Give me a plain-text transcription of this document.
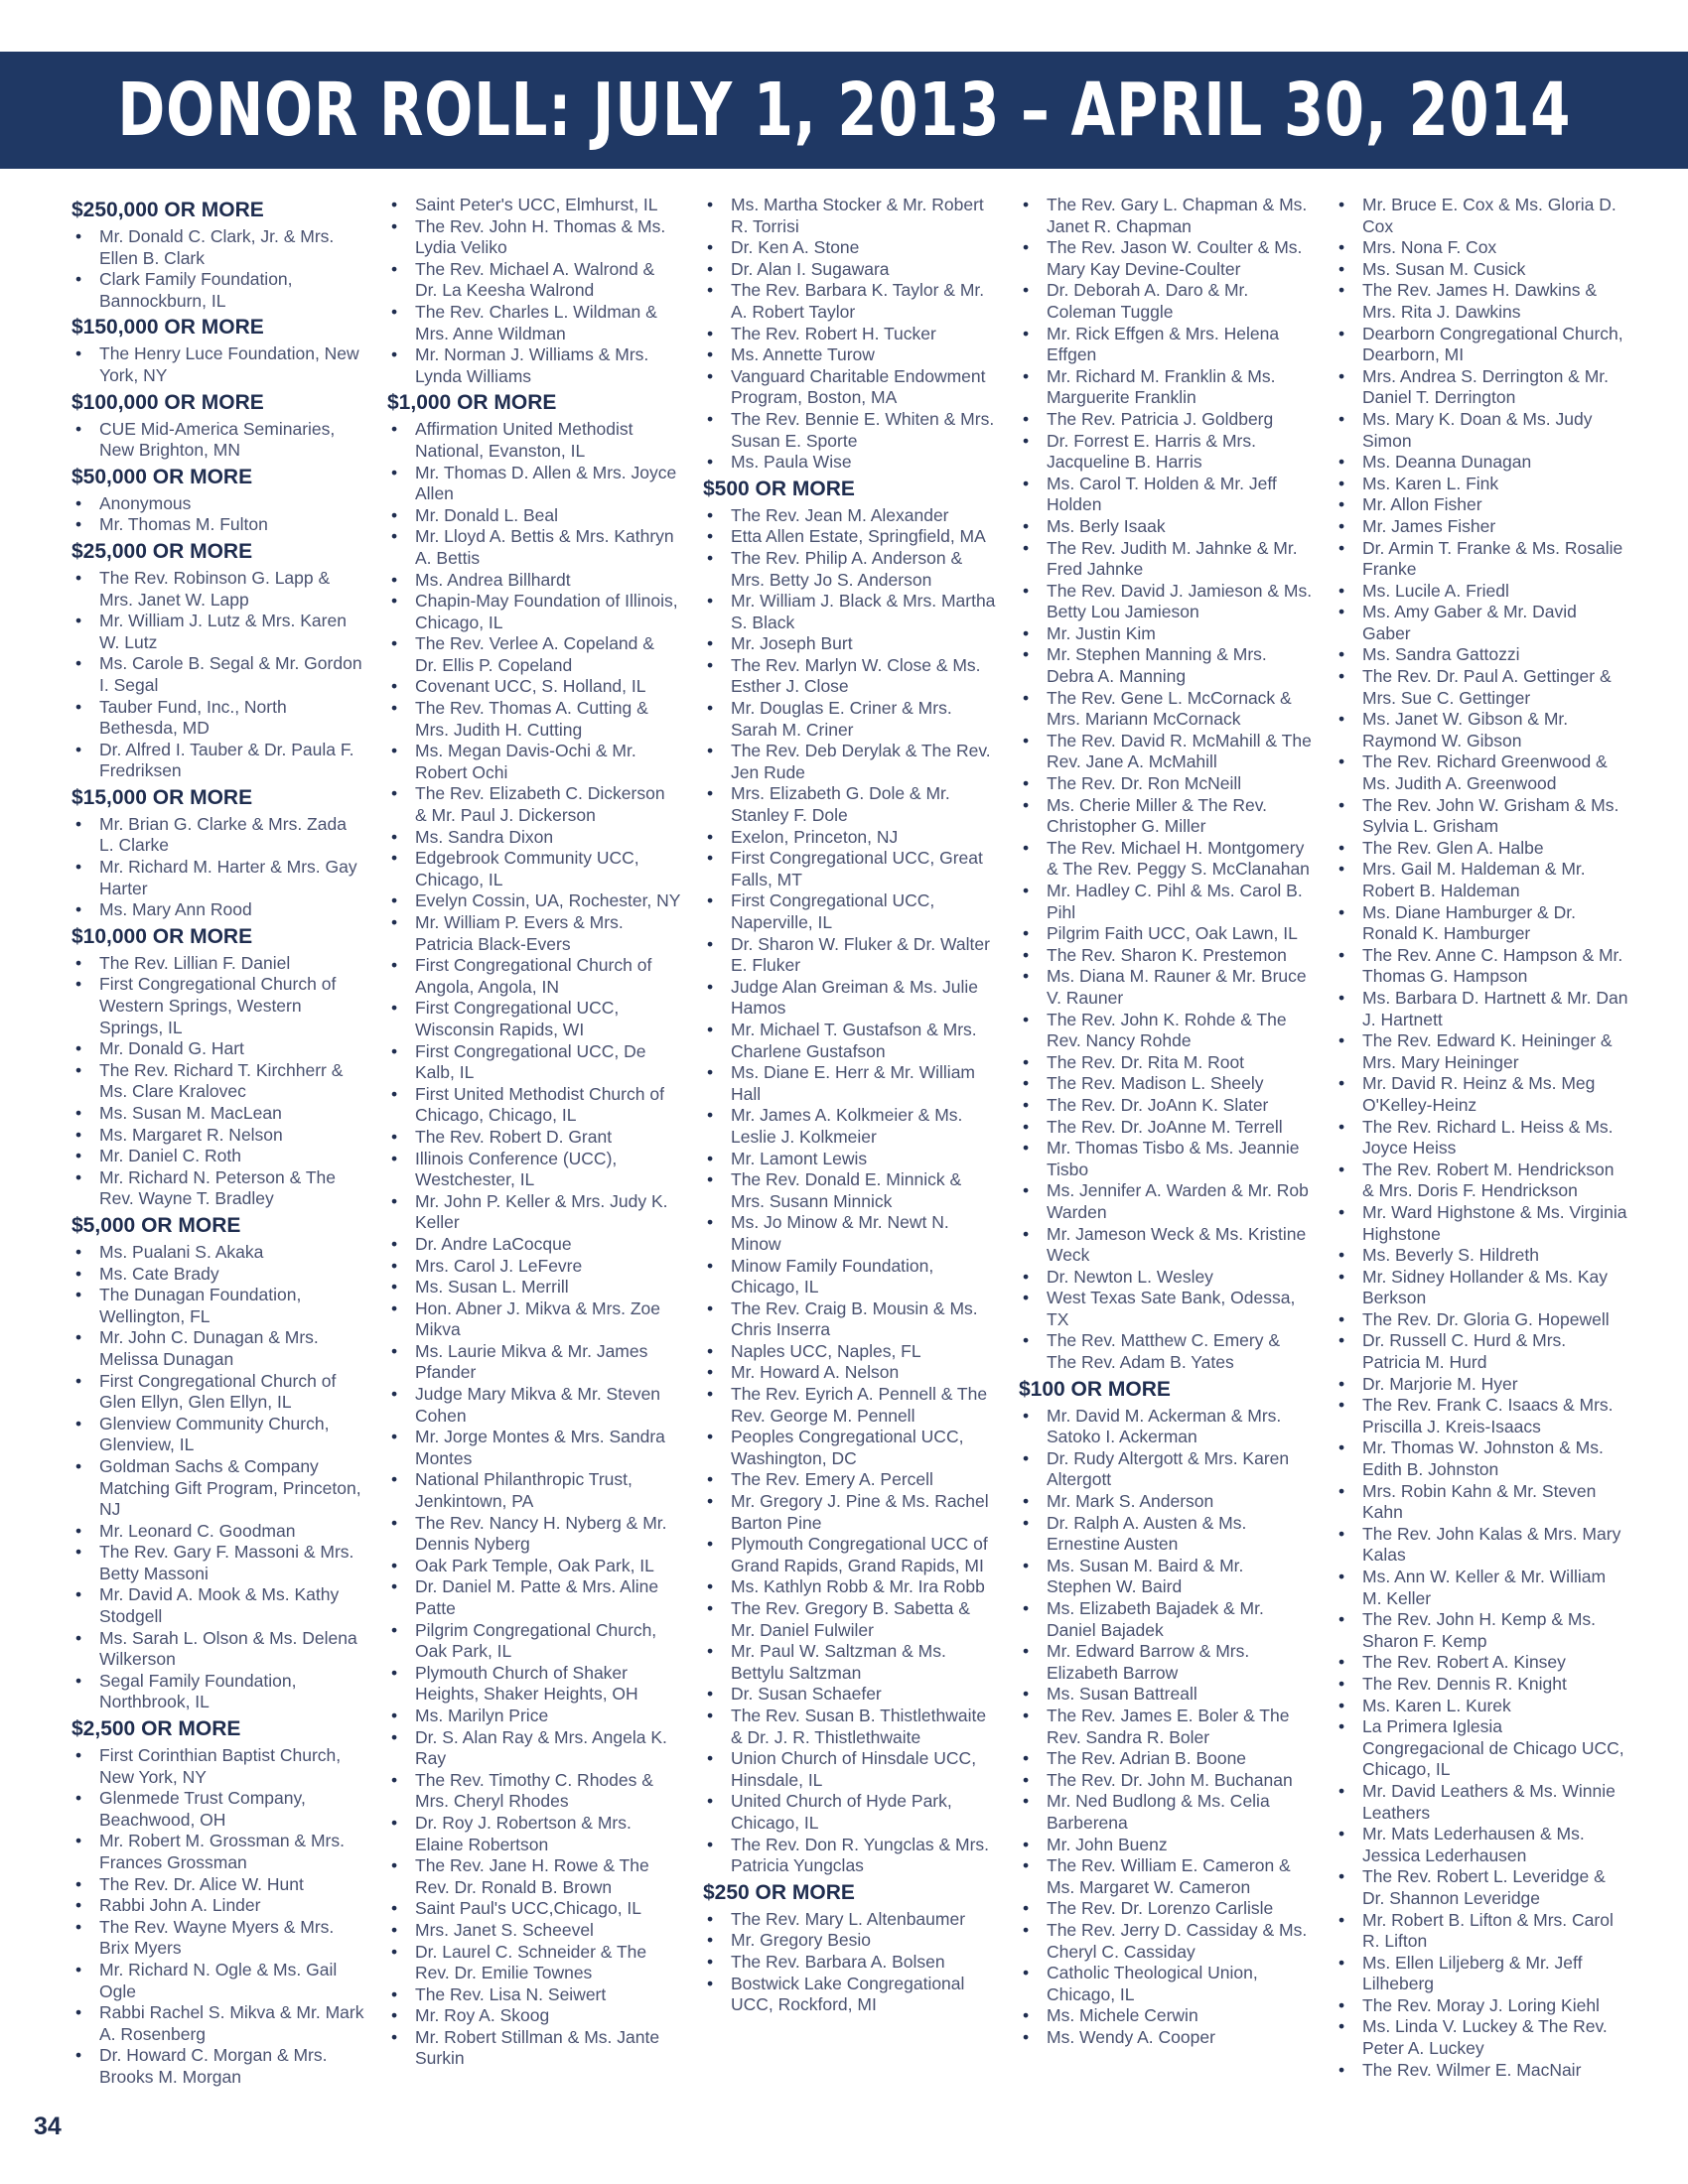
DONOR ROLL: JULY 1, 2013 – APRIL 30, 2014
$250,000 OR MORE
• Mr. Donald C. Clark, Jr. & Mrs. Ellen B. Clark
• Clark Family Foundation, Bannockburn, IL
$150,000 OR MORE
• The Henry Luce Foundation, New York, NY
$100,000 OR MORE
• CUE Mid-America Seminaries, New Brighton, MN
$50,000 OR MORE
• Anonymous
• Mr. Thomas M. Fulton
$25,000 OR MORE
• The Rev. Robinson G. Lapp & Mrs. Janet W. Lapp
• Mr. William J. Lutz & Mrs. Karen W. Lutz
• Ms. Carole B. Segal & Mr. Gordon I. Segal
• Tauber Fund, Inc., North Bethesda, MD
• Dr. Alfred I. Tauber & Dr. Paula F. Fredriksen
$15,000 OR MORE
• Mr. Brian G. Clarke & Mrs. Zada L. Clarke
• Mr. Richard M. Harter & Mrs. Gay Harter
• Ms. Mary Ann Rood
$10,000 OR MORE
• The Rev. Lillian F. Daniel
• First Congregational Church of Western Springs, Western Springs, IL
• Mr. Donald G. Hart
• The Rev. Richard T. Kirchherr & Ms. Clare Kralovec
• Ms. Susan M. MacLean
• Ms. Margaret R. Nelson
• Mr. Daniel C. Roth
• Mr. Richard N. Peterson & The Rev. Wayne T. Bradley
$5,000 OR MORE
• Ms. Pualani S. Akaka
• Ms. Cate Brady
• The Dunagan Foundation, Wellington, FL
• Mr. John C. Dunagan & Mrs. Melissa Dunagan
• First Congregational Church of Glen Ellyn, Glen Ellyn, IL
• Glenview Community Church, Glenview, IL
• Goldman Sachs & Company Matching Gift Program, Princeton, NJ
• Mr. Leonard C. Goodman
• The Rev. Gary F. Massoni & Mrs. Betty Massoni
• Mr. David A. Mook & Ms. Kathy Stodgell
• Ms. Sarah L. Olson & Ms. Delena Wilkerson
• Segal Family Foundation, Northbrook, IL
$2,500 OR MORE
• First Corinthian Baptist Church, New York, NY
• Glenmede Trust Company, Beachwood, OH
• Mr. Robert M. Grossman & Mrs. Frances Grossman
• The Rev. Dr. Alice W. Hunt
• Rabbi John A. Linder
• The Rev. Wayne Myers & Mrs. Brix Myers
• Mr. Richard N. Ogle & Ms. Gail Ogle
• Rabbi Rachel S. Mikva & Mr. Mark A. Rosenberg
• Dr. Howard C. Morgan & Mrs. Brooks M. Morgan
• Saint Peter's UCC, Elmhurst, IL
• The Rev. John H. Thomas & Ms. Lydia Veliko
• The Rev. Michael A. Walrond & Dr. La Keesha Walrond
• The Rev. Charles L. Wildman & Mrs. Anne Wildman
• Mr. Norman J. Williams & Mrs. Lynda Williams
$1,000 OR MORE
• Affirmation United Methodist National, Evanston, IL
• Mr. Thomas D. Allen & Mrs. Joyce Allen
• Mr. Donald L. Beal
• Mr. Lloyd A. Bettis & Mrs. Kathryn A. Bettis
• Ms. Andrea Billhardt
• Chapin-May Foundation of Illinois, Chicago, IL
• The Rev. Verlee A. Copeland & Dr. Ellis P. Copeland
• Covenant UCC, S. Holland, IL
• The Rev. Thomas A. Cutting & Mrs. Judith H. Cutting
• Ms. Megan Davis-Ochi & Mr. Robert Ochi
• The Rev. Elizabeth C. Dickerson & Mr. Paul J. Dickerson
• Ms. Sandra Dixon
• Edgebrook Community UCC, Chicago, IL
• Evelyn Cossin, UA, Rochester, NY
• Mr. William P. Evers & Mrs. Patricia Black-Evers
• First Congregational Church of Angola, Angola, IN
• First Congregational UCC, Wisconsin Rapids, WI
• First Congregational UCC, De Kalb, IL
• First United Methodist Church of Chicago, Chicago, IL
• The Rev. Robert D. Grant
• Illinois Conference (UCC), Westchester, IL
• Mr. John P. Keller & Mrs. Judy K. Keller
• Dr. Andre LaCocque
• Mrs. Carol J. LeFevre
• Ms. Susan L. Merrill
• Hon. Abner J. Mikva & Mrs. Zoe Mikva
• Ms. Laurie Mikva & Mr. James Pfander
• Judge Mary Mikva & Mr. Steven Cohen
• Mr. Jorge Montes & Mrs. Sandra Montes
• National Philanthropic Trust, Jenkintown, PA
• The Rev. Nancy H. Nyberg & Mr. Dennis Nyberg
• Oak Park Temple, Oak Park, IL
• Dr. Daniel M. Patte & Mrs. Aline Patte
• Pilgrim Congregational Church, Oak Park, IL
• Plymouth Church of Shaker Heights, Shaker Heights, OH
• Ms. Marilyn Price
• Dr. S. Alan Ray & Mrs. Angela K. Ray
• The Rev. Timothy C. Rhodes & Mrs. Cheryl Rhodes
• Dr. Roy J. Robertson & Mrs. Elaine Robertson
• The Rev. Jane H. Rowe & The Rev. Dr. Ronald B. Brown
• Saint Paul's UCC,Chicago, IL
• Mrs. Janet S. Scheevel
• Dr. Laurel C. Schneider & The Rev. Dr. Emilie Townes
• The Rev. Lisa N. Seiwert
• Mr. Roy A. Skoog
• Mr. Robert Stillman & Ms. Jante Surkin
• Ms. Martha Stocker & Mr. Robert R. Torrisi
• Dr. Ken A. Stone
• Dr. Alan I. Sugawara
• The Rev. Barbara K. Taylor & Mr. A. Robert Taylor
• The Rev. Robert H. Tucker
• Ms. Annette Turow
• Vanguard Charitable Endowment Program, Boston, MA
• The Rev. Bennie E. Whiten & Mrs. Susan E. Sporte
• Ms. Paula Wise
$500 OR MORE
• The Rev. Jean M. Alexander
• Etta Allen Estate, Springfield, MA
• The Rev. Philip A. Anderson & Mrs. Betty Jo S. Anderson
• Mr. William J. Black & Mrs. Martha S. Black
• Mr. Joseph Burt
• The Rev. Marlyn W. Close & Ms. Esther J. Close
• Mr. Douglas E. Criner & Mrs. Sarah M. Criner
• The Rev. Deb Derylak & The Rev. Jen Rude
• Mrs. Elizabeth G. Dole & Mr. Stanley F. Dole
• Exelon, Princeton, NJ
• First Congregational UCC, Great Falls, MT
• First Congregational UCC, Naperville, IL
• Dr. Sharon W. Fluker & Dr. Walter E. Fluker
• Judge Alan Greiman & Ms. Julie Hamos
• Mr. Michael T. Gustafson & Mrs. Charlene Gustafson
• Ms. Diane E. Herr & Mr. William Hall
• Mr. James A. Kolkmeier & Ms. Leslie J. Kolkmeier
• Mr. Lamont Lewis
• The Rev. Donald E. Minnick & Mrs. Susann Minnick
• Ms. Jo Minow & Mr. Newt N. Minow
• Minow Family Foundation, Chicago, IL
• The Rev. Craig B. Mousin & Ms. Chris Inserra
• Naples UCC, Naples, FL
• Mr. Howard A. Nelson
• The Rev. Eyrich A. Pennell & The Rev. George M. Pennell
• Peoples Congregational UCC, Washington, DC
• The Rev. Emery A. Percell
• Mr. Gregory J. Pine & Ms. Rachel Barton Pine
• Plymouth Congregational UCC of Grand Rapids, Grand Rapids, MI
• Ms. Kathlyn Robb & Mr. Ira Robb
• The Rev. Gregory B. Sabetta & Mr. Daniel Fulwiler
• Mr. Paul W. Saltzman & Ms. Bettylu Saltzman
• Dr. Susan Schaefer
• The Rev. Susan B. Thistlethwaite & Dr. J. R. Thistlethwaite
• Union Church of Hinsdale UCC, Hinsdale, IL
• United Church of Hyde Park, Chicago, IL
• The Rev. Don R. Yungclas & Mrs. Patricia Yungclas
$250 OR MORE
• The Rev. Mary L. Altenbaumer
• Mr. Gregory Besio
• The Rev. Barbara A. Bolsen
• Bostwick Lake Congregational UCC, Rockford, MI
• The Rev. Gary L. Chapman & Ms. Janet R. Chapman
• The Rev. Jason W. Coulter & Ms. Mary Kay Devine-Coulter
• Dr. Deborah A. Daro & Mr. Coleman Tuggle
• Mr. Rick Effgen & Mrs. Helena Effgen
• Mr. Richard M. Franklin & Ms. Marguerite Franklin
• The Rev. Patricia J. Goldberg
• Dr. Forrest E. Harris & Mrs. Jacqueline B. Harris
• Ms. Carol T. Holden & Mr. Jeff Holden
• Ms. Berly Isaak
• The Rev. Judith M. Jahnke & Mr. Fred Jahnke
• The Rev. David J. Jamieson & Ms. Betty Lou Jamieson
• Mr. Justin Kim
• Mr. Stephen Manning & Mrs. Debra A. Manning
• The Rev. Gene L. McCornack & Mrs. Mariann McCornack
• The Rev. David R. McMahill & The Rev. Jane A. McMahill
• The Rev. Dr. Ron McNeill
• Ms. Cherie Miller & The Rev. Christopher G. Miller
• The Rev. Michael H. Montgomery & The Rev. Peggy S. McClanahan
• Mr. Hadley C. Pihl & Ms. Carol B. Pihl
• Pilgrim Faith UCC, Oak Lawn, IL
• The Rev. Sharon K. Prestemon
• Ms. Diana M. Rauner & Mr. Bruce V. Rauner
• The Rev. John K. Rohde & The Rev. Nancy Rohde
• The Rev. Dr. Rita M. Root
• The Rev. Madison L. Sheely
• The Rev. Dr. JoAnn K. Slater
• The Rev. Dr. JoAnne M. Terrell
• Mr. Thomas Tisbo & Ms. Jeannie Tisbo
• Ms. Jennifer A. Warden & Mr. Rob Warden
• Mr. Jameson Weck & Ms. Kristine Weck
• Dr. Newton L. Wesley
• West Texas Sate Bank, Odessa, TX
• The Rev. Matthew C. Emery & The Rev. Adam B. Yates
$100 OR MORE
• Mr. David M. Ackerman & Mrs. Satoko I. Ackerman
• Dr. Rudy Altergott & Mrs. Karen Altergott
• Mr. Mark S. Anderson
• Dr. Ralph A. Austen & Ms. Ernestine Austen
• Ms. Susan M. Baird & Mr. Stephen W. Baird
• Ms. Elizabeth Bajadek & Mr. Daniel Bajadek
• Mr. Edward Barrow & Mrs. Elizabeth Barrow
• Ms. Susan Battreall
• The Rev. James E. Boler & The Rev. Sandra R. Boler
• The Rev. Adrian B. Boone
• The Rev. Dr. John M. Buchanan
• Mr. Ned Budlong & Ms. Celia Barberena
• Mr. John Buenz
• The Rev. William E. Cameron & Ms. Margaret W. Cameron
• The Rev. Dr. Lorenzo Carlisle
• The Rev. Jerry D. Cassiday & Ms. Cheryl C. Cassiday
• Catholic Theological Union, Chicago, IL
• Ms. Michele Cerwin
• Ms. Wendy A. Cooper
• Mr. Bruce E. Cox & Ms. Gloria D. Cox
• Mrs. Nona F. Cox
• Ms. Susan M. Cusick
• The Rev. James H. Dawkins & Mrs. Rita J. Dawkins
• Dearborn Congregational Church, Dearborn, MI
• Mrs. Andrea S. Derrington & Mr. Daniel T. Derrington
• Ms. Mary K. Doan & Ms. Judy Simon
• Ms. Deanna Dunagan
• Ms. Karen L. Fink
• Mr. Allon Fisher
• Mr. James Fisher
• Dr. Armin T. Franke & Ms. Rosalie Franke
• Ms. Lucile A. Friedl
• Ms. Amy Gaber & Mr. David Gaber
• Ms. Sandra Gattozzi
• The Rev. Dr. Paul A. Gettinger & Mrs. Sue C. Gettinger
• Ms. Janet W. Gibson & Mr. Raymond W. Gibson
• The Rev. Richard Greenwood & Ms. Judith A. Greenwood
• The Rev. John W. Grisham & Ms. Sylvia L. Grisham
• The Rev. Glen A. Halbe
• Mrs. Gail M. Haldeman & Mr. Robert B. Haldeman
• Ms. Diane Hamburger & Dr. Ronald K. Hamburger
• The Rev. Anne C. Hampson & Mr. Thomas G. Hampson
• Ms. Barbara D. Hartnett & Mr. Dan J. Hartnett
• The Rev. Edward K. Heininger & Mrs. Mary Heininger
• Mr. David R. Heinz & Ms. Meg O'Kelley-Heinz
• The Rev. Richard L. Heiss & Ms. Joyce Heiss
• The Rev. Robert M. Hendrickson & Mrs. Doris F. Hendrickson
• Mr. Ward Highstone & Ms. Virginia Highstone
• Ms. Beverly S. Hildreth
• Mr. Sidney Hollander & Ms. Kay Berkson
• The Rev. Dr. Gloria G. Hopewell
• Dr. Russell C. Hurd & Mrs. Patricia M. Hurd
• Dr. Marjorie M. Hyer
• The Rev. Frank C. Isaacs & Mrs. Priscilla J. Kreis-Isaacs
• Mr. Thomas W. Johnston & Ms. Edith B. Johnston
• Mrs. Robin Kahn & Mr. Steven Kahn
• The Rev. John Kalas & Mrs. Mary Kalas
• Ms. Ann W. Keller & Mr. William M. Keller
• The Rev. John H. Kemp & Ms. Sharon F. Kemp
• The Rev. Robert A. Kinsey
• The Rev. Dennis R. Knight
• Ms. Karen L. Kurek
• La Primera Iglesia Congregacional de Chicago UCC, Chicago, IL
• Mr. David Leathers & Ms. Winnie Leathers
• Mr. Mats Lederhausen & Ms. Jessica Lederhausen
• The Rev. Robert L. Leveridge & Dr. Shannon Leveridge
• Mr. Robert B. Lifton & Mrs. Carol R. Lifton
• Ms. Ellen Liljeberg & Mr. Jeff Lilheberg
• The Rev. Moray J. Loring Kiehl
• Ms. Linda V. Luckey & The Rev. Peter A. Luckey
• The Rev. Wilmer E. MacNair
34
